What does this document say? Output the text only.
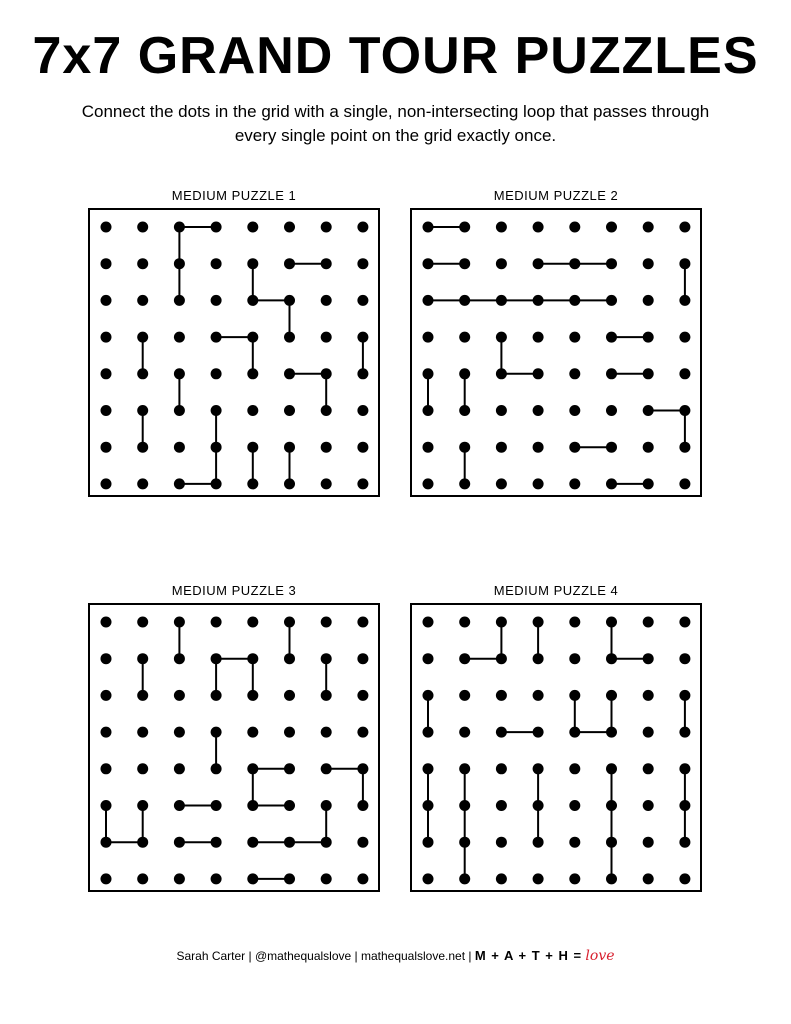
7x7 GRAND TOUR PUZZLES

Connect the dots in the grid with a single, non-intersecting loop that passes through every single point on the grid exactly once.

MEDIUM PUZZLE 1	MEDIUM PUZZLE 2
MEDIUM PUZZLE 3	MEDIUM PUZZLE 4
Sarah Carter | @mathequalslove | mathequalslove.net | M + A + T + H = love
